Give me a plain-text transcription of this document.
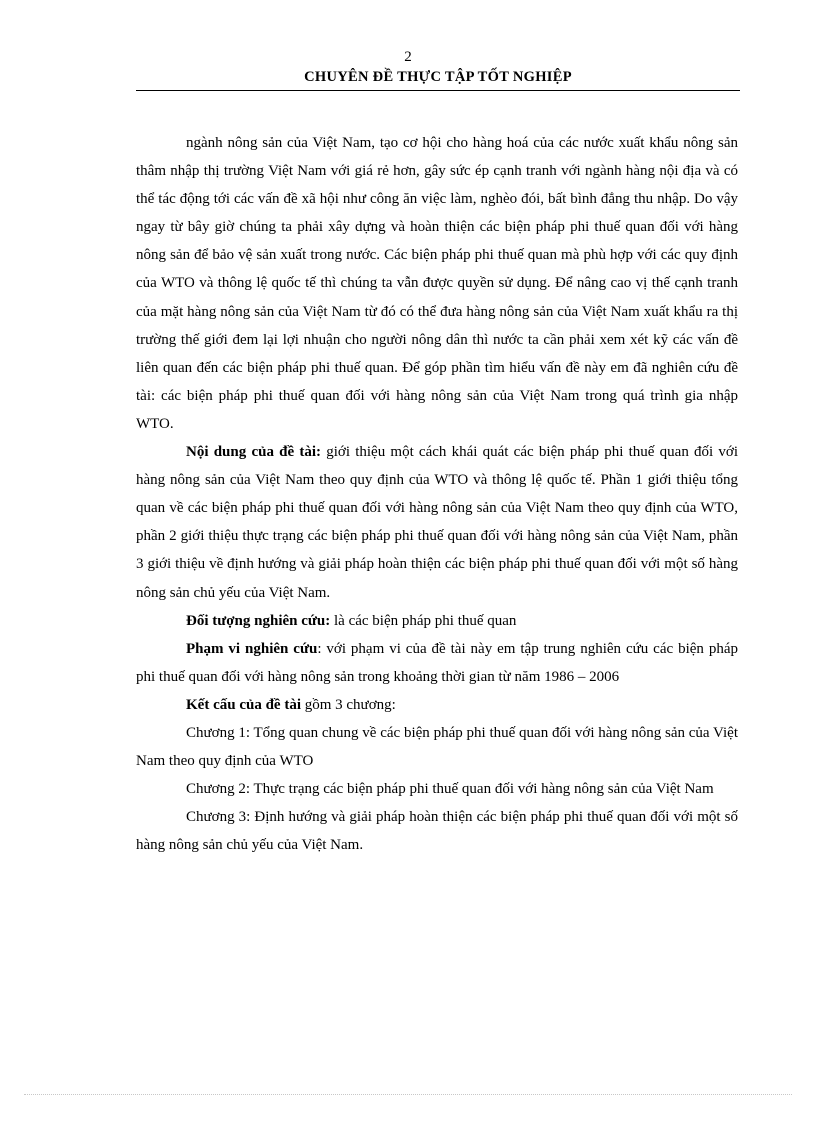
2
CHUYÊN ĐỀ THỰC TẬP TỐT NGHIỆP

ngành nông sản của Việt Nam, tạo cơ hội cho hàng hoá của các nước xuất khẩu nông sản thâm nhập thị trường Việt Nam với giá rẻ hơn, gây sức ép cạnh tranh với ngành hàng nội địa và có thể tác động tới các vấn đề xã hội như công ăn việc làm, nghèo đói, bất bình đẳng thu nhập. Do vậy ngay từ bây giờ chúng ta phải xây dựng và hoàn thiện các biện pháp phi thuế quan đối với hàng nông sản để bảo vệ sản xuất trong nước. Các biện pháp phi thuế quan mà phù hợp với các quy định của WTO và thông lệ quốc tế thì chúng ta vẫn được quyền sử dụng. Để nâng cao vị thế cạnh tranh của mặt hàng nông sản của Việt Nam từ đó có thể đưa hàng nông sản của Việt Nam xuất khẩu ra thị trường thế giới đem lại lợi nhuận cho người nông dân thì nước ta cần phải xem xét kỹ các vấn đề liên quan đến các biện pháp phi thuế quan. Để góp phần tìm hiểu vấn đề này em đã nghiên cứu đề tài: các biện pháp phi thuế quan đối với hàng nông sản của Việt Nam trong quá trình gia nhập WTO.

Nội dung của đề tài: giới thiệu một cách khái quát các biện pháp phi thuế quan đối với hàng nông sản của Việt Nam theo quy định của WTO và thông lệ quốc tế. Phần 1 giới thiệu tổng quan về các biện pháp phi thuế quan đối với hàng nông sản của Việt Nam theo quy định của WTO, phần 2 giới thiệu thực trạng các biện pháp phi thuế quan đối với hàng nông sản của Việt Nam, phần 3 giới thiệu về định hướng và giải pháp hoàn thiện các biện pháp phi thuế quan đối với một số hàng nông sản chủ yếu của Việt Nam.

Đối tượng nghiên cứu: là các biện pháp phi thuế quan

Phạm vi nghiên cứu: với phạm vi của đề tài này em tập trung nghiên cứu các biện pháp phi thuế quan đối với hàng nông sản trong khoảng thời gian từ năm 1986 – 2006

Kết cấu của đề tài gồm 3 chương:

Chương 1: Tổng quan chung về các biện pháp phi thuế quan đối với hàng nông sản của Việt Nam theo quy định của WTO

Chương 2: Thực trạng các biện pháp phi thuế quan đối với hàng nông sản của Việt Nam

Chương 3: Định hướng và giải pháp hoàn thiện các biện pháp phi thuế quan đối với một số hàng nông sản chủ yếu của Việt Nam.
